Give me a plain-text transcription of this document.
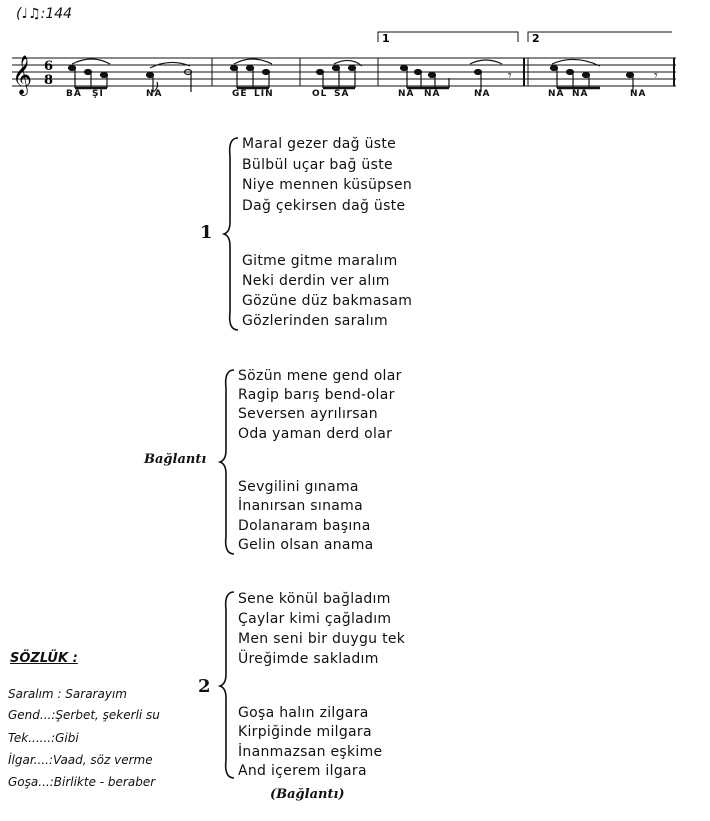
(♩♫:144
𝄞 6
8
1	2
𝄾	𝄾
BA ŞI	NA	GE LİN	OL SA	NA NA	NA	NA NA	NA
1
Maral gezer dağ üste
Bülbül uçar bağ üste
Niye mennen küsüpsen
Dağ çekirsen dağ üste
Gitme gitme maralım
Neki derdin ver alım
Gözüne düz bakmasam
Gözlerinden saralım
Bağlantı
Sözün mene gend olar
Ragip barış bend-olar
Seversen ayrılırsan
Oda yaman derd olar
Sevgilini gınama
İnanırsan sınama
Dolanaram başına
Gelin olsan anama
2
Sene könül bağladım
Çaylar kimi çağladım
Men seni bir duygu tek
Üreğimde sakladım
Goşa halın zilgara
Kirpiğinde milgara
İnanmazsan eşkime
And içerem ilgara
(Bağlantı)
SÖZLÜK :
Saralım : Sararayım
Gend...:Şerbet, şekerli su
Tek......:Gibi
İlgar....:Vaad, söz verme
Goşa...:Birlikte - beraber
